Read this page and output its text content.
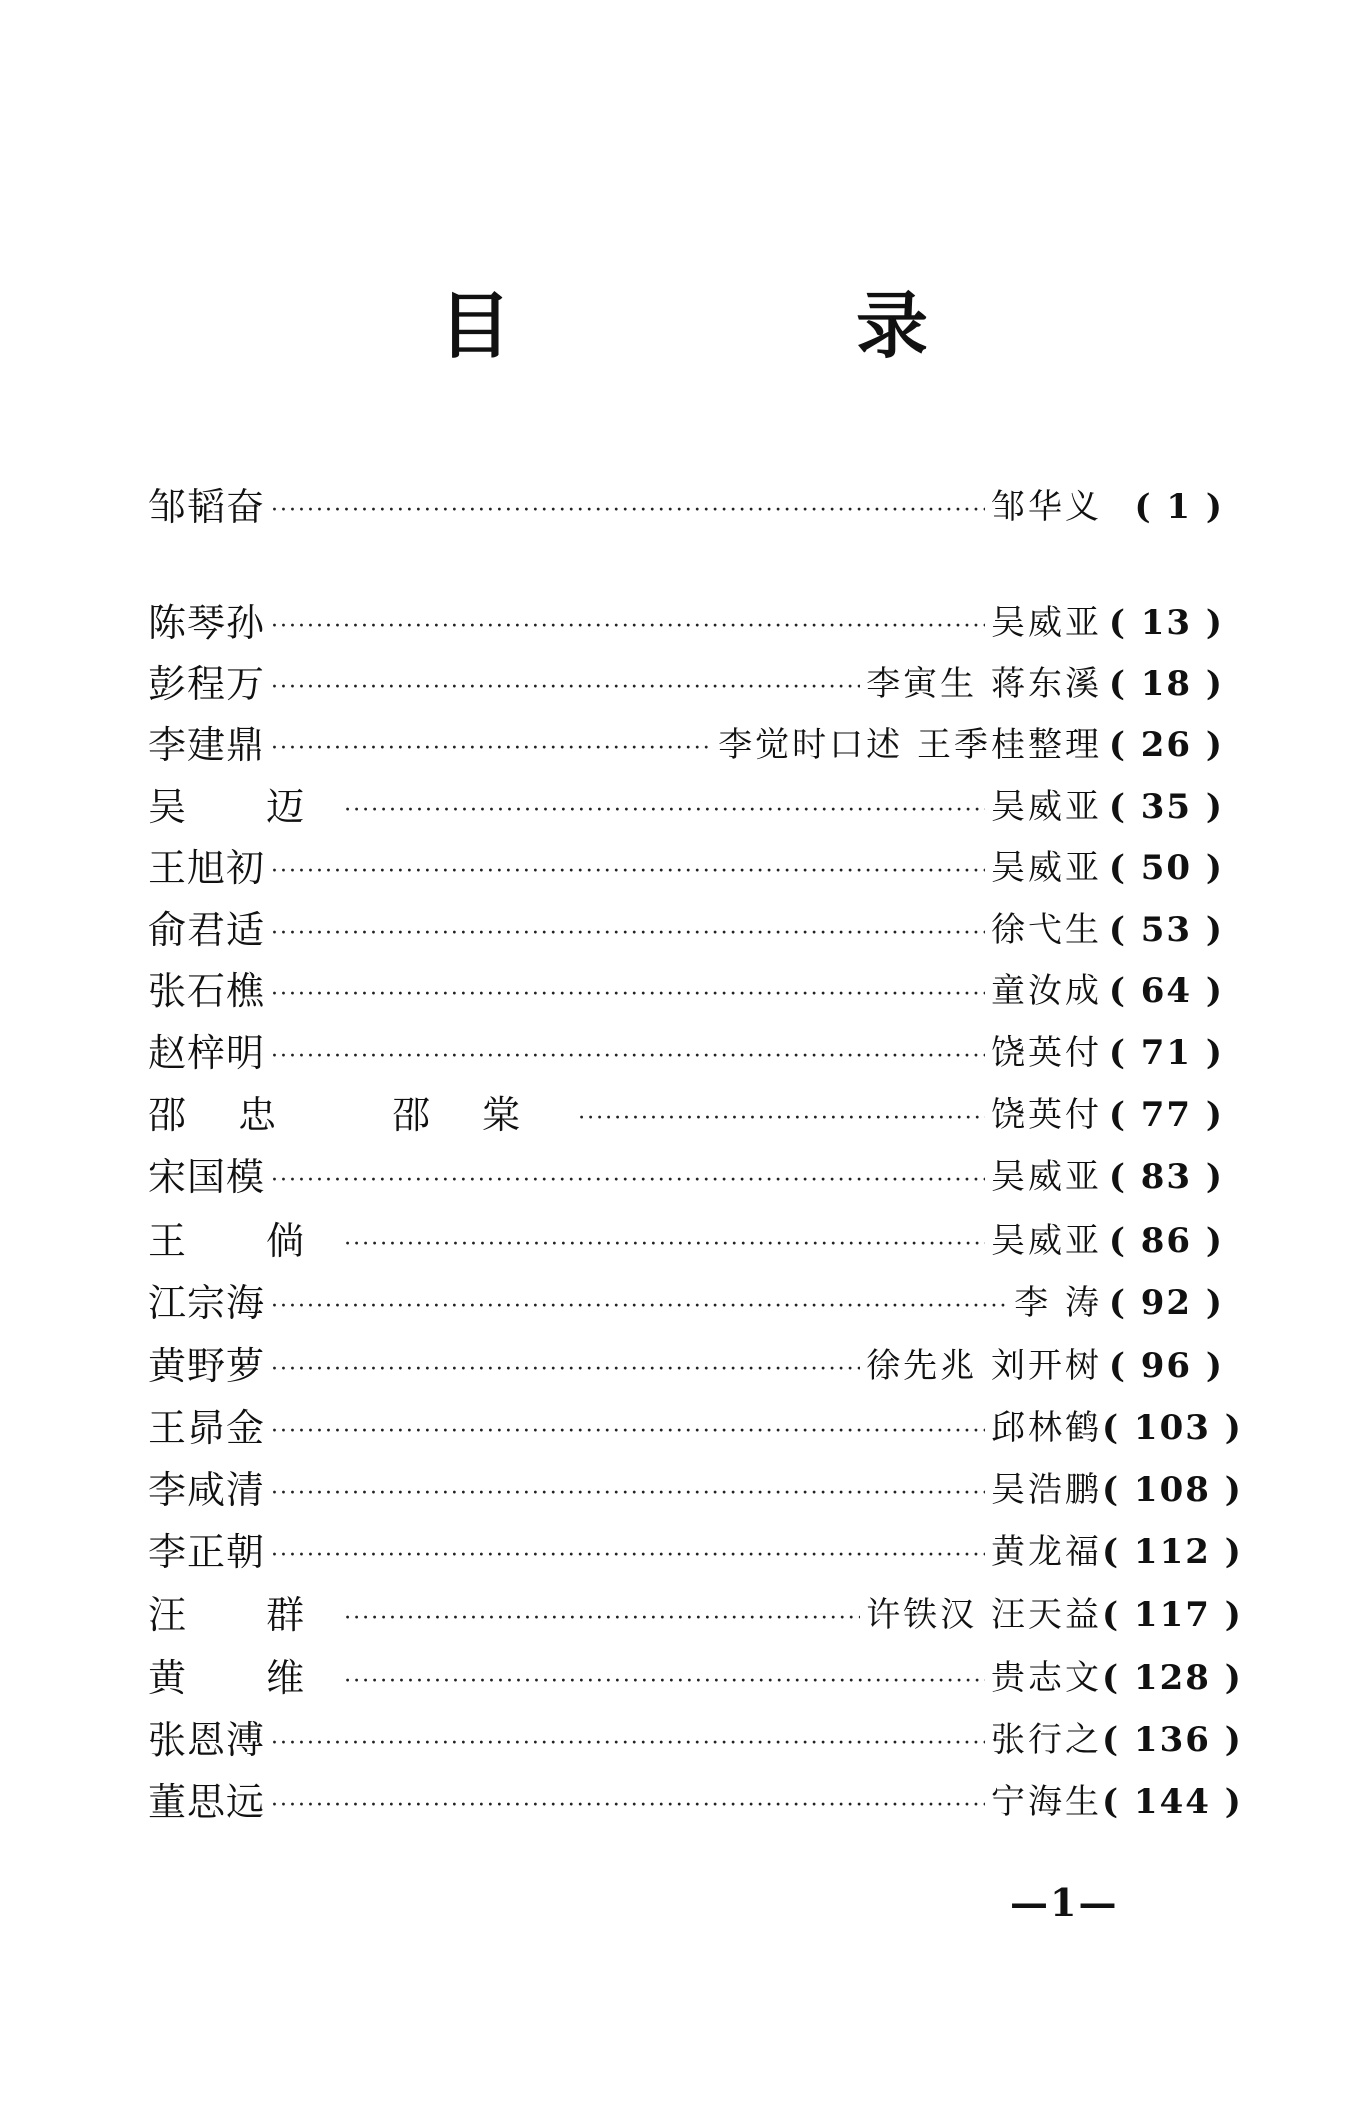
目 录
邹韬奋 ·····	邹华义 ( 1 )
陈琴孙 ·····	吴威亚 ( 13 )
彭程万 ·····	李寅生 蒋东溪 ( 18 )
李建鼎 ·····	李觉时口述 王季桂整理 ( 26 )
吴 迈 ·····	吴威亚 ( 35 )
王旭初 ·····	吴威亚 ( 50 )
俞君适 ·····	徐弋生 ( 53 )
张石樵 ·····	童汝成 ( 64 )
赵梓明 ·····	饶英付 ( 71 )
邵忠 邵棠 ·····	饶英付 ( 77 )
宋国模 ·····	吴威亚 ( 83 )
王 倘 ·····	吴威亚 ( 86 )
江宗海 ·····	李 涛 ( 92 )
黄野萝 ·····	徐先兆 刘开树 ( 96 )
王昴金 ·····	邱林鹤 ( 103 )
李咸清 ·····	吴浩鹏 ( 108 )
李正朝 ·····	黄龙福 ( 112 )
汪 群 ·····	许铁汉 汪天益 ( 117 )
黄 维 ·····	贵志文 ( 128 )
张恩溥 ·····	张行之 ( 136 )
董思远 ·····	宁海生 ( 144 )
—1—
